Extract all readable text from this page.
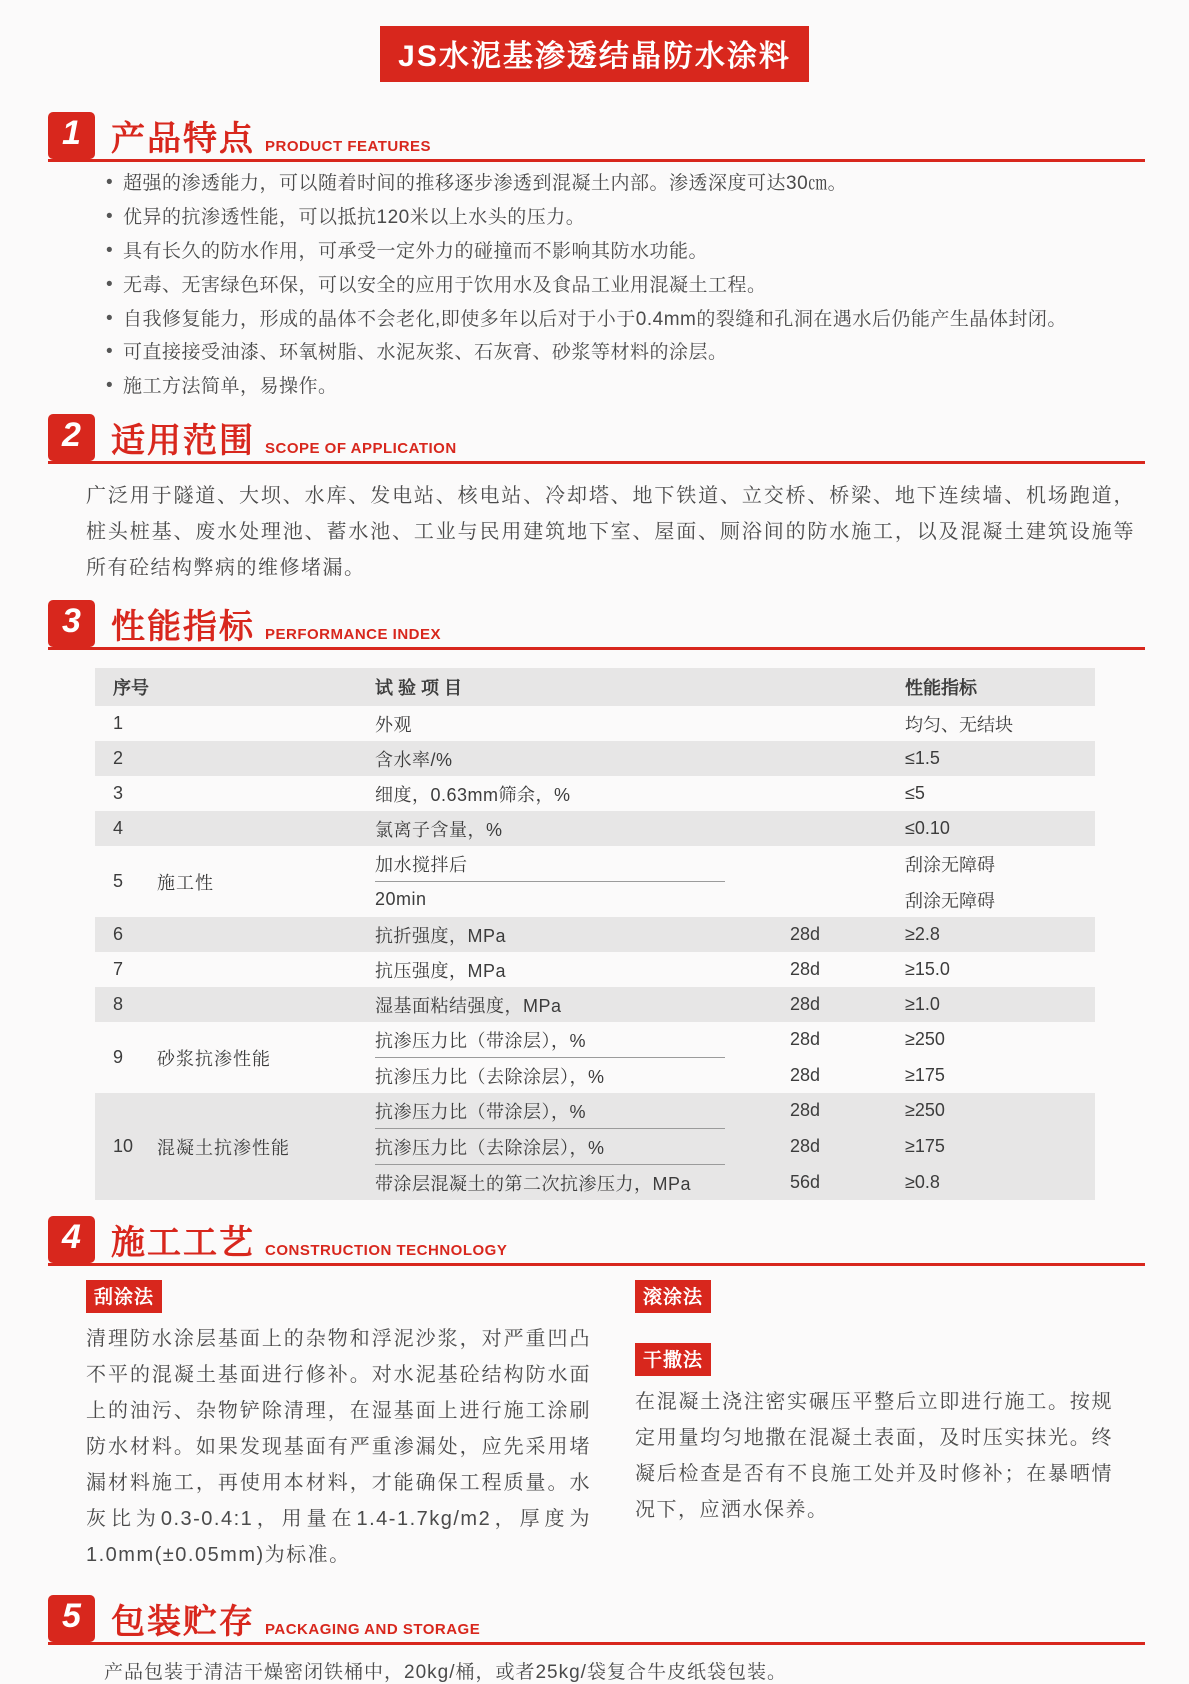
JS水泥基渗透结晶防水涂料
1 产品特点 PRODUCT FEATURES
• 超强的渗透能力，可以随着时间的推移逐步渗透到混凝土内部。渗透深度可达30㎝。
• 优异的抗渗透性能，可以抵抗120米以上水头的压力。
• 具有长久的防水作用，可承受一定外力的碰撞而不影响其防水功能。
• 无毒、无害绿色环保，可以安全的应用于饮用水及食品工业用混凝土工程。
• 自我修复能力，形成的晶体不会老化,即使多年以后对于小于0.4mm的裂缝和孔洞在遇水后仍能产生晶体封闭。
• 可直接接受油漆、环氧树脂、水泥灰浆、石灰膏、砂浆等材料的涂层。
• 施工方法简单，易操作。
2 适用范围 SCOPE OF APPLICATION
广泛用于隧道、大坝、水库、发电站、核电站、冷却塔、地下铁道、立交桥、桥梁、地下连续墙、机场跑道，桩头桩基、废水处理池、蓄水池、工业与民用建筑地下室、屋面、厕浴间的防水施工，以及混凝土建筑设施等所有砼结构弊病的维修堵漏。
3 性能指标 PERFORMANCE INDEX
序号	试验项目	性能指标
1	外观	均匀、无结块
2	含水率/%	≤1.5
3	细度，0.63mm筛余，%	≤5
4	氯离子含量，%	≤0.10
5	施工性
加水搅拌后	刮涂无障碍
20min	刮涂无障碍
6	抗折强度，MPa	28d	≥2.8
7	抗压强度，MPa	28d	≥15.0
8	湿基面粘结强度，MPa	28d	≥1.0
9	砂浆抗渗性能
抗渗压力比（带涂层），%	28d	≥250
抗渗压力比（去除涂层），%	28d	≥175
10	混凝土抗渗性能
抗渗压力比（带涂层），%	28d	≥250
抗渗压力比（去除涂层），%	28d	≥175
带涂层混凝土的第二次抗渗压力，MPa	56d	≥0.8
4 施工工艺 CONSTRUCTION TECHNOLOGY
刮涂法
清理防水涂层基面上的杂物和浮泥沙浆，对严重凹凸不平的混凝土基面进行修补。对水泥基砼结构防水面上的油污、杂物铲除清理，在湿基面上进行施工涂刷防水材料。如果发现基面有严重渗漏处，应先采用堵漏材料施工，再使用本材料，才能确保工程质量。水灰比为0.3-0.4:1，用量在1.4-1.7kg/m2，厚度为1.0mm(±0.05mm)为标准。
滚涂法
干撒法
在混凝土浇注密实碾压平整后立即进行施工。按规定用量均匀地撒在混凝土表面，及时压实抹光。终凝后检查是否有不良施工处并及时修补；在暴晒情况下，应洒水保养。
5 包装贮存 PACKAGING AND STORAGE
产品包装于清洁干燥密闭铁桶中，20kg/桶，或者25kg/袋复合牛皮纸袋包装。
